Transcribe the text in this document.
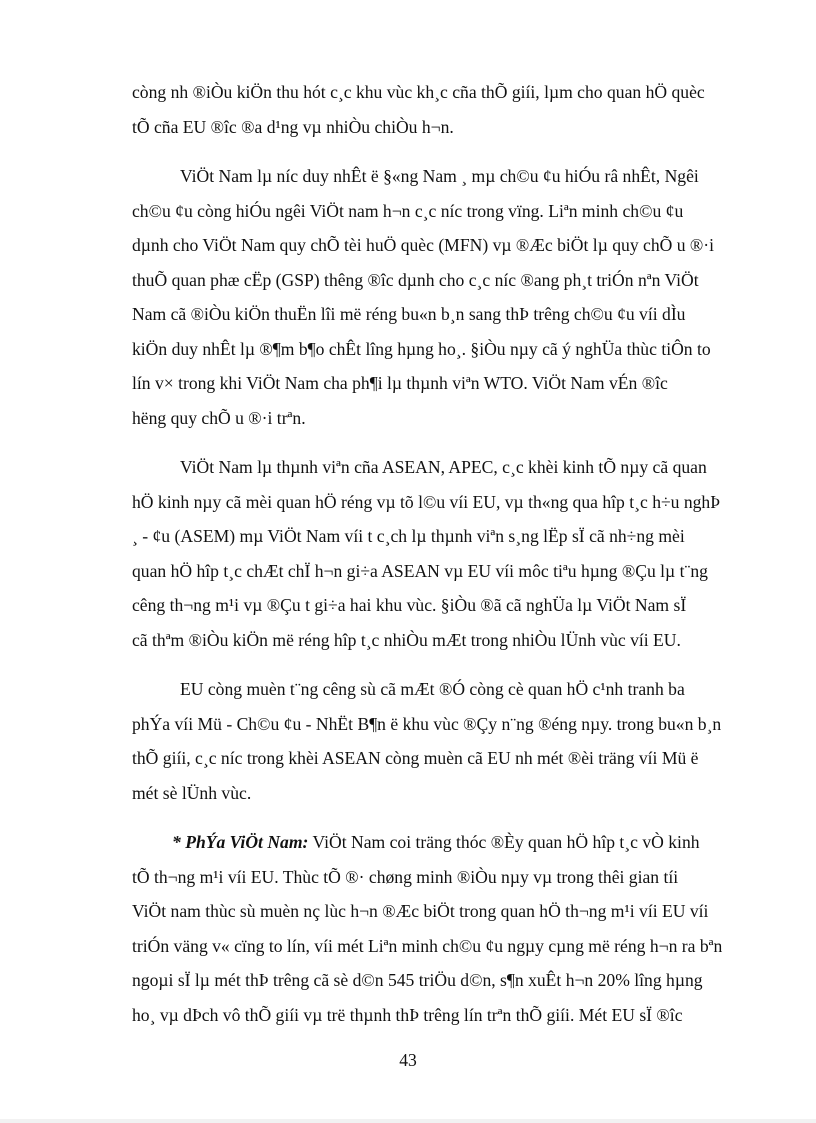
còng nh ®iÒu kiÖn thu hót c¸c khu vùc kh¸c cña thÕ giíi, lµm cho quan hÖ quèc
tÕ cña EU ®îc ®a d¹ng vµ nhiÒu chiÒu h¬n.
ViÖt Nam lµ níc duy nhÊt ë §«ng Nam ¸ mµ ch©u ¢u hiÓu râ nhÊt, Ngêi
ch©u ¢u còng hiÓu ngêi ViÖt nam h¬n c¸c níc trong vïng. Liªn minh ch©u ¢u
dµnh cho ViÖt Nam quy chÕ tèi huÖ quèc (MFN) vµ ®Æc biÖt lµ quy chÕ u ®·i
thuÕ quan phæ cËp (GSP) thêng ®îc dµnh cho c¸c níc ®ang ph¸t triÓn nªn ViÖt
Nam cã ®iÒu kiÖn thuËn lîi më réng bu«n b¸n sang thÞ trêng ch©u ¢u víi dÌu
kiÖn duy nhÊt lµ ®¶m b¶o chÊt lîng hµng ho¸. §iÒu nµy cã ý nghÜa thùc tiÔn to
lín v× trong khi ViÖt Nam cha ph¶i lµ thµnh viªn WTO. ViÖt Nam vÉn ®îc
hëng quy chÕ u ®·i trªn.
ViÖt Nam lµ thµnh viªn cña ASEAN, APEC, c¸c khèi kinh tÕ nµy cã quan
hÖ kinh nµy cã mèi quan hÖ réng vµ tõ l©u víi EU, vµ th«ng qua hîp t¸c h÷u nghÞ
¸ - ¢u (ASEM) mµ ViÖt Nam víi t c¸ch lµ thµnh viªn s¸ng lËp sÏ cã nh÷ng mèi
quan hÖ hîp t¸c chÆt chÏ h¬n gi÷a ASEAN vµ EU víi môc tiªu hµng ®Çu lµ t¨ng
cêng th¬ng m¹i vµ ®Çu t gi÷a hai khu vùc. §iÒu ®ã cã nghÜa lµ ViÖt Nam sÏ
cã thªm ®iÒu kiÖn më réng hîp t¸c nhiÒu mÆt trong nhiÒu lÜnh vùc víi EU.
EU còng muèn t¨ng cêng sù cã mÆt ®Ó còng cè quan hÖ c¹nh tranh ba
phÝa víi Mü - Ch©u ¢u - NhËt B¶n ë khu vùc ®Çy n¨ng ®éng nµy. trong bu«n b¸n
thÕ giíi, c¸c níc trong khèi ASEAN còng muèn cã EU nh mét ®èi träng víi Mü ë
mét sè lÜnh vùc.
* PhÝa ViÖt Nam: ViÖt Nam coi träng thóc ®Èy quan hÖ hîp t¸c vÒ kinh
tÕ th¬ng m¹i víi EU. Thùc tÕ ®· chøng minh ®iÒu nµy vµ trong thêi gian tíi
ViÖt nam thùc sù muèn nç lùc h¬n ®Æc biÖt trong quan hÖ th¬ng m¹i víi EU víi
triÓn väng v« cïng to lín, víi mét Liªn minh ch©u ¢u ngµy cµng më réng h¬n ra bªn
ngoµi sÏ lµ mét thÞ trêng cã sè d©n 545 triÖu d©n, s¶n xuÊt h¬n 20% lîng hµng
ho¸ vµ dÞch vô thÕ giíi vµ trë thµnh thÞ trêng lín trªn thÕ giíi. Mét EU sÏ ®îc
43
